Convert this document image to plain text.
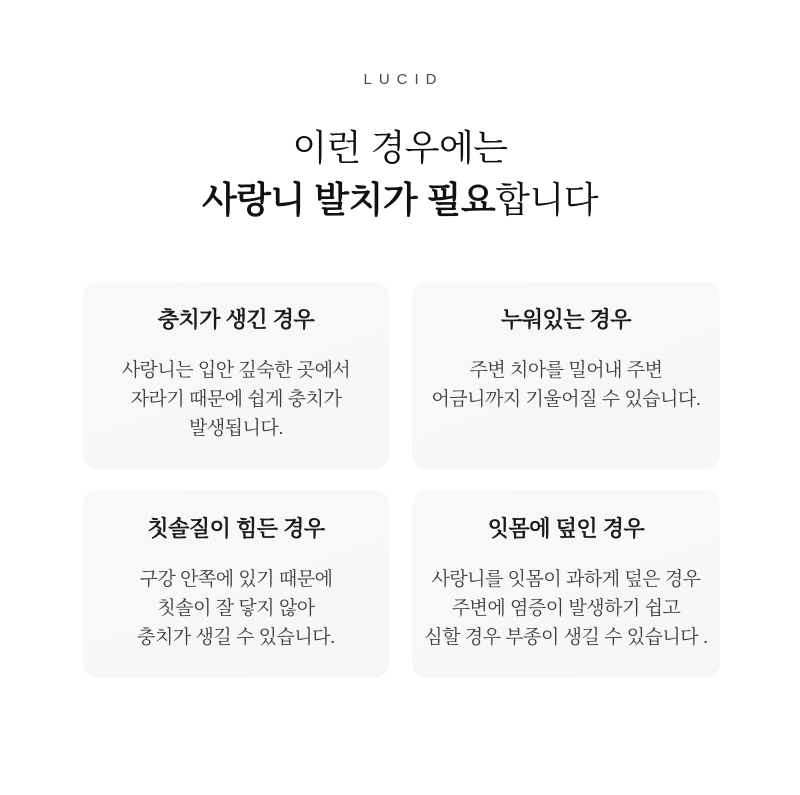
LUCID
이런 경우에는
사랑니 발치가 필요합니다
충치가 생긴 경우
사랑니는 입안 깊숙한 곳에서
자라기 때문에 쉽게 충치가
발생됩니다.
누워있는 경우
주변 치아를 밀어내 주변
어금니까지 기울어질 수 있습니다.
칫솔질이 힘든 경우
구강 안쪽에 있기 때문에
칫솔이 잘 닿지 않아
충치가 생길 수 있습니다.
잇몸에 덮인 경우
사랑니를 잇몸이 과하게 덮은 경우
주변에 염증이 발생하기 쉽고
심할 경우 부종이 생길 수 있습니다 .
